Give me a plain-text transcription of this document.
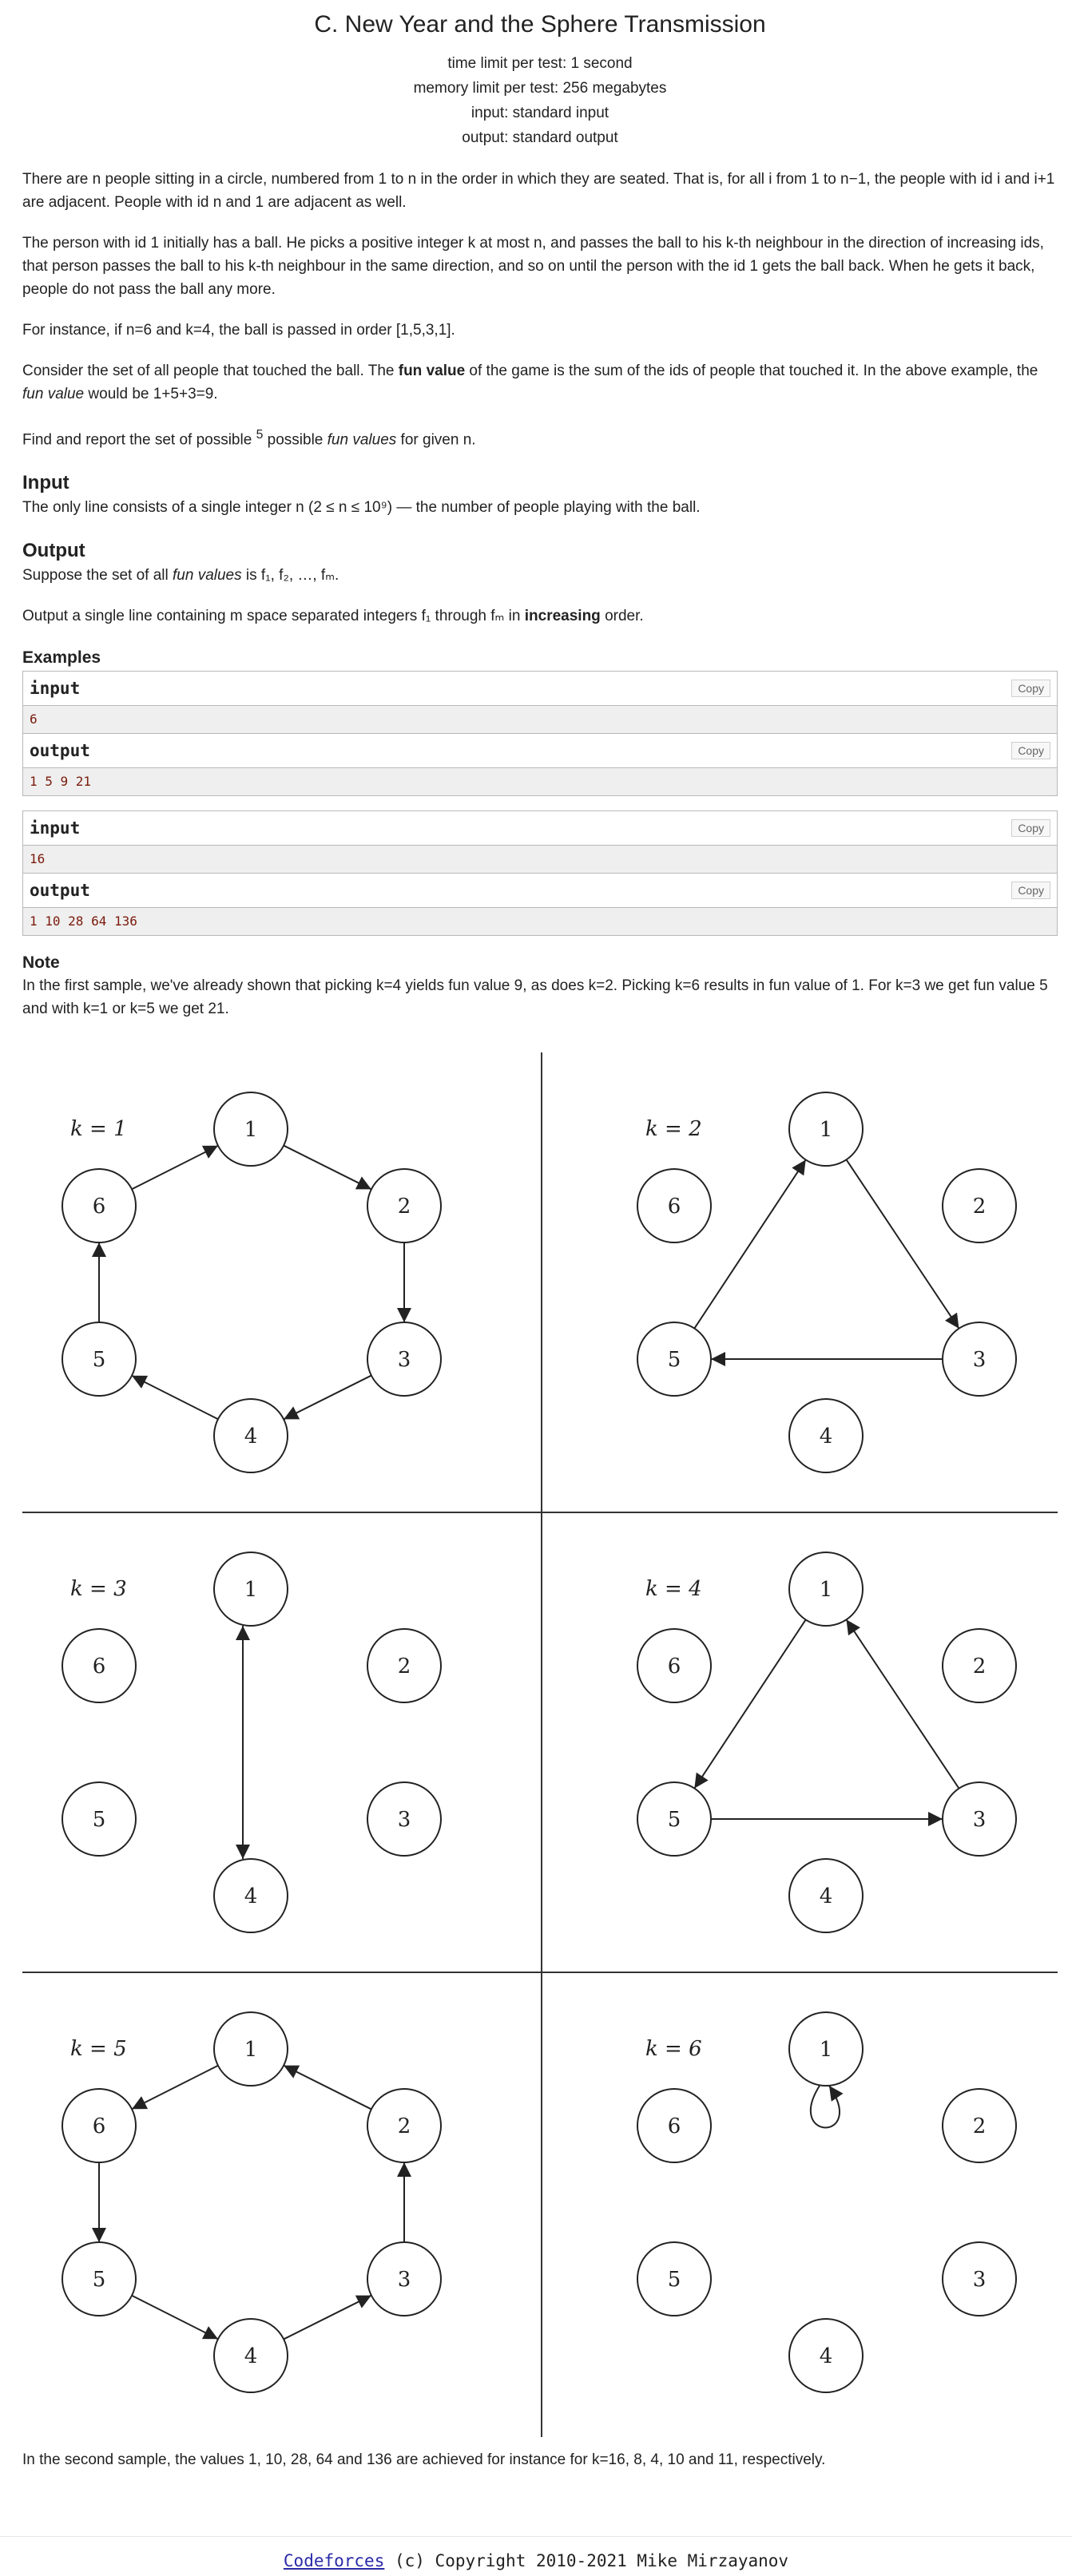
C. New Year and the Sphere Transmission
time limit per test: 1 second
memory limit per test: 256 megabytes
input: standard input
output: standard output

There are n people sitting in a circle, numbered from 1 to n in the order in which they are seated. That is, for all i from 1 to n−1, the people with id i and i+1 are adjacent. People with id n and 1 are adjacent as well.

The person with id 1 initially has a ball. He picks a positive integer k at most n, and passes the ball to his k-th neighbour in the direction of increasing ids, that person passes the ball to his k-th neighbour in the same direction, and so on until the person with the id 1 gets the ball back. When he gets it back, people do not pass the ball any more.

For instance, if n=6 and k=4, the ball is passed in order [1,5,3,1].

Consider the set of all people that touched the ball. The fun value of the game is the sum of the ids of people that touched it. In the above example, the fun value would be 1+5+3=9.

Find and report the set of possible $^5$ possible fun values for given n.

Input

The only line consists of a single integer n (2 ≤ n ≤ 10⁹) — the number of people playing with the ball.

Output

Suppose the set of all fun values is f₁, f₂, …, fₘ.

Output a single line containing m space separated integers f₁ through fₘ in increasing order.

Examples
input	Copy
6
output	Copy
1 5 9 21
input	Copy
16
output	Copy
1 10 28 64 136
Note

In the first sample, we've already shown that picking k=4 yields fun value 9, as does k=2. Picking k=6 results in fun value of 1. For k=3 we get fun value 5 and with k=1 or k=5 we get 21.

k = 1	1
2
3
4
5
6
k = 2	1
2
3
4
5
6
k = 3	1
2
3
4
5
6
k = 4	1
2
3
4
5
6
k = 5	1
2
3
4
5
6
k = 6	1
2
3
4
5
6

In the second sample, the values 1, 10, 28, 64 and 136 are achieved for instance for k=16, 8, 4, 10 and 11, respectively.

Codeforces (c) Copyright 2010-2021 Mike Mirzayanov
